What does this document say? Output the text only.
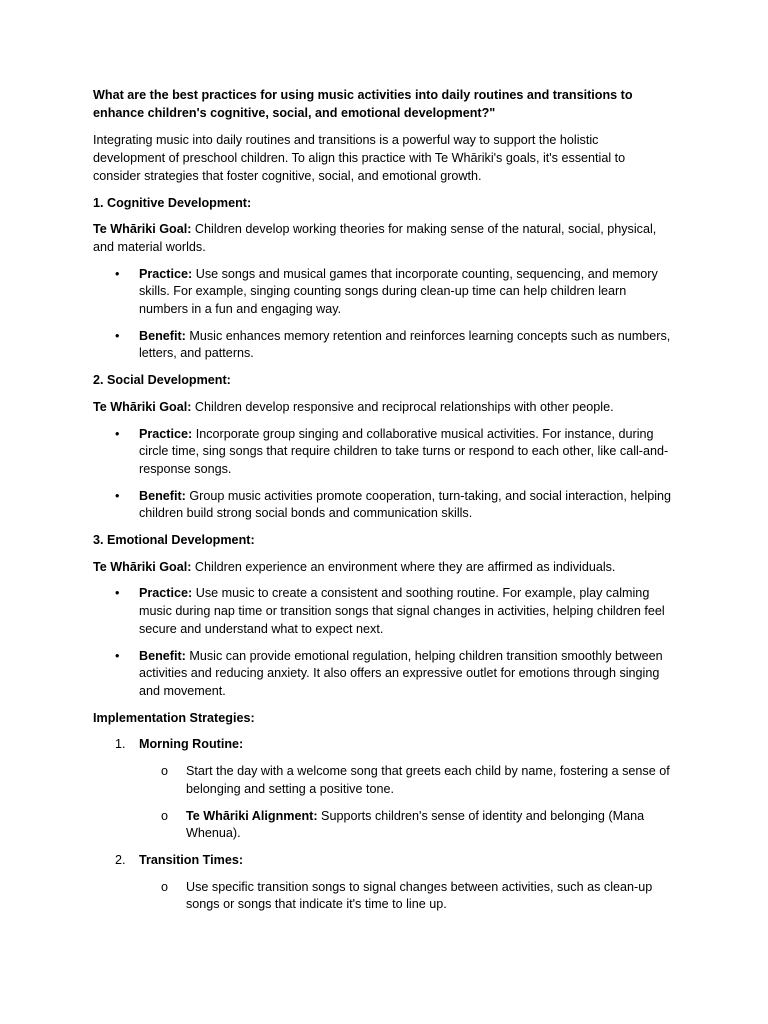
What are the best practices for using music activities into daily routines and transitions to enhance children's cognitive, social, and emotional development?"

Integrating music into daily routines and transitions is a powerful way to support the holistic development of preschool children. To align this practice with Te Whāriki's goals, it's essential to consider strategies that foster cognitive, social, and emotional growth.

1. Cognitive Development:

Te Whāriki Goal: Children develop working theories for making sense of the natural, social, physical, and material worlds.

• Practice: Use songs and musical games that incorporate counting, sequencing, and memory skills. For example, singing counting songs during clean-up time can help children learn numbers in a fun and engaging way.
• Benefit: Music enhances memory retention and reinforces learning concepts such as numbers, letters, and patterns.
2. Social Development:

Te Whāriki Goal: Children develop responsive and reciprocal relationships with other people.

• Practice: Incorporate group singing and collaborative musical activities. For instance, during circle time, sing songs that require children to take turns or respond to each other, like call-and-response songs.
• Benefit: Group music activities promote cooperation, turn-taking, and social interaction, helping children build strong social bonds and communication skills.
3. Emotional Development:

Te Whāriki Goal: Children experience an environment where they are affirmed as individuals.

• Practice: Use music to create a consistent and soothing routine. For example, play calming music during nap time or transition songs that signal changes in activities, helping children feel secure and understand what to expect next.
• Benefit: Music can provide emotional regulation, helping children transition smoothly between activities and reducing anxiety. It also offers an expressive outlet for emotions through singing and movement.
Implementation Strategies:
1. Morning Routine:
o Start the day with a welcome song that greets each child by name, fostering a sense of belonging and setting a positive tone.
o Te Whāriki Alignment: Supports children's sense of identity and belonging (Mana Whenua).
2. Transition Times:
o Use specific transition songs to signal changes between activities, such as clean-up songs or songs that indicate it's time to line up.
